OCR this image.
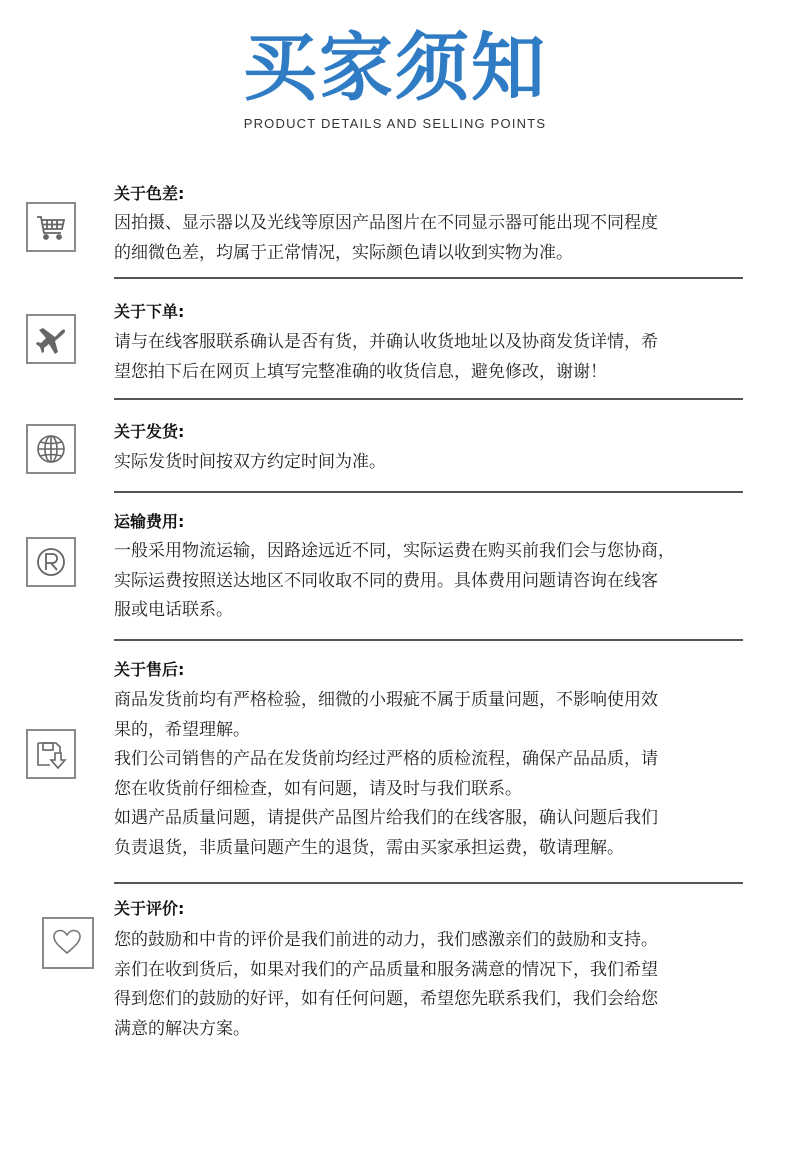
买家须知
PRODUCT DETAILS AND SELLING POINTS
关于色差:

因拍摄、显示器以及光线等原因产品图片在不同显示器可能出现不同程度

的细微色差，均属于正常情况，实际颜色请以收到实物为准。

关于下单:

请与在线客服联系确认是否有货，并确认收货地址以及协商发货详情，希

望您拍下后在网页上填写完整准确的收货信息，避免修改，谢谢！

关于发货:

实际发货时间按双方约定时间为准。

运输费用:

一般采用物流运输，因路途远近不同，实际运费在购买前我们会与您协商，

实际运费按照送达地区不同收取不同的费用。具体费用问题请咨询在线客

服或电话联系。

关于售后:

商品发货前均有严格检验，细微的小瑕疵不属于质量问题，不影响使用效

果的，希望理解。

我们公司销售的产品在发货前均经过严格的质检流程，确保产品品质，请

您在收货前仔细检查，如有问题，请及时与我们联系。

如遇产品质量问题，请提供产品图片给我们的在线客服，确认问题后我们

负责退货，非质量问题产生的退货，需由买家承担运费，敬请理解。

关于评价:

您的鼓励和中肯的评价是我们前进的动力，我们感激亲们的鼓励和支持。

亲们在收到货后，如果对我们的产品质量和服务满意的情况下，我们希望

得到您们的鼓励的好评，如有任何问题，希望您先联系我们，我们会给您

满意的解决方案。
